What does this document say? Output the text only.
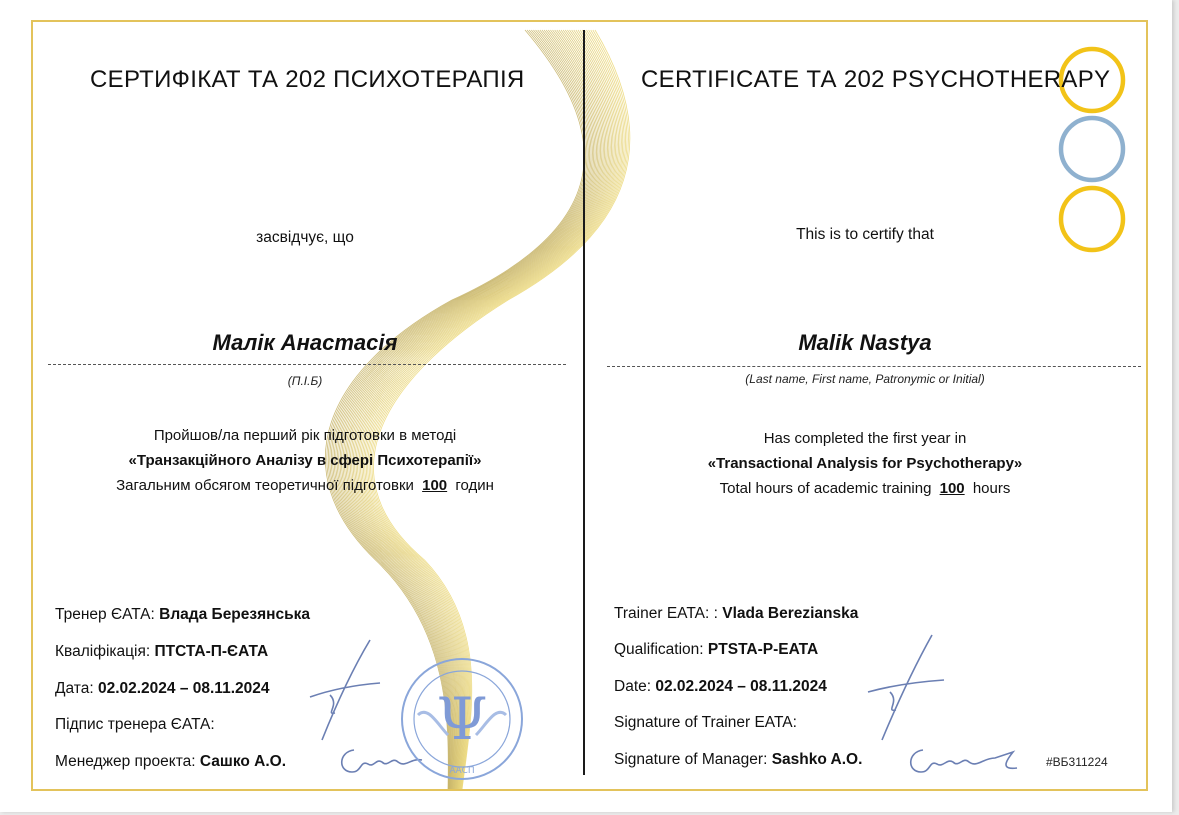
СЕРТИФІКАТ ТА 202 ПСИХОТЕРАПІЯ
засвідчує, що
Малік Анастасія
(П.І.Б)
Пройшов/ла перший рік підготовки в методі
«Транзакційного Аналізу в сфері Психотерапії»
Загальним обсягом теоретичної підготовки 100 годин
Тренер ЄАТА: Влада Березянська
Кваліфікація: ПТСТА-П-ЄАТА
Дата: 02.02.2024 – 08.11.2024
Підпис тренера ЄАТА:
Менеджер проекта: Сашко А.О.
Ψ
ААСП
CERTIFICATE ТА 202 PSYCHOTHERAPY
This is to certify that
Malik Nastya
(Last name, First name, Patronymic or Initial)
Has completed the first year in
«Transactional Analysis for Psychotherapy»
Total hours of academic training 100 hours
Trainer EATA: : Vlada Berezianska
Qualification: PTSTA-P-EATA
Date: 02.02.2024 – 08.11.2024
Signature of Trainer EATA:
Signature of Manager: Sashko A.O.	#ВБ311224
